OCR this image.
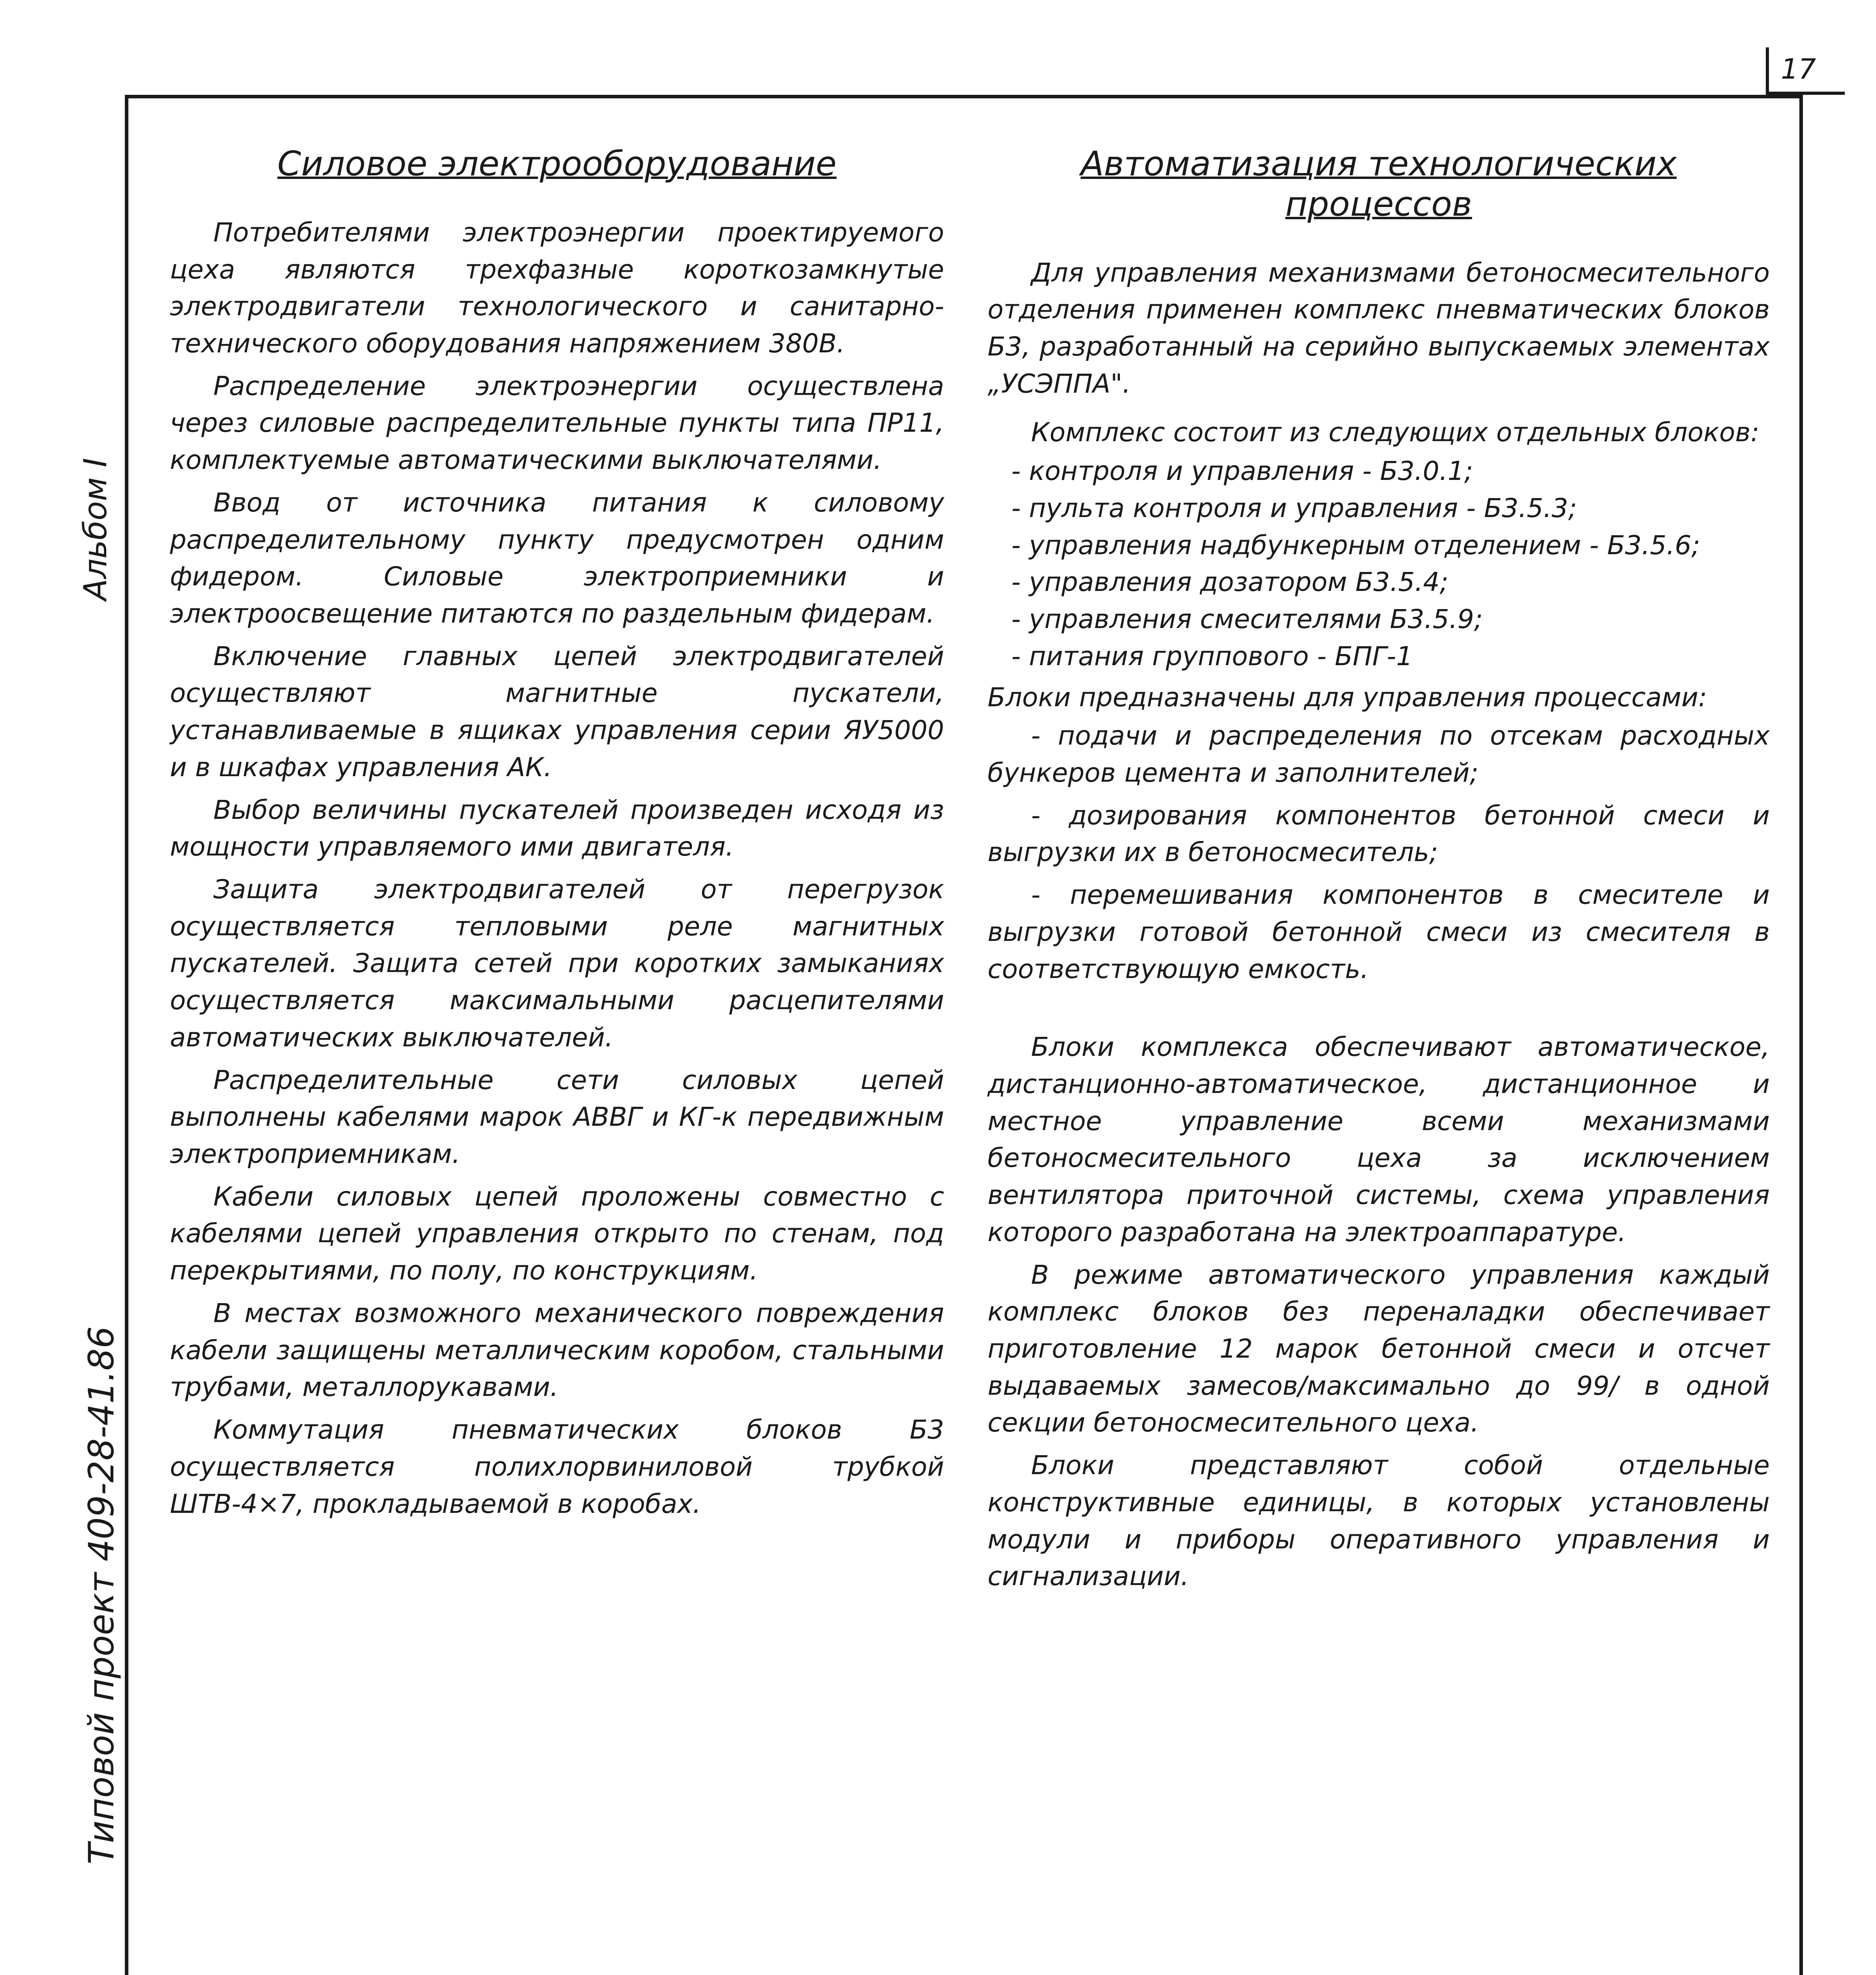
17
Альбом I
Типовой проект 409-28-41.86
Силовое электрооборудование

Потребителями электроэнергии проектируемого цеха являются трехфазные короткозамкнутые электродвигатели технологического и санитарно-технического оборудования напряжением 380В.

Распределение электроэнергии осуществлена через силовые распределительные пункты типа ПР11, комплектуемые автоматическими выключателями.

Ввод от источника питания к силовому распределительному пункту предусмотрен одним фидером. Силовые электроприемники и электроосвещение питаются по раздельным фидерам.

Включение главных цепей электродвигателей осуществляют магнитные пускатели, устанавливаемые в ящиках управления серии ЯУ5000 и в шкафах управления АК.

Выбор величины пускателей произведен исходя из мощности управляемого ими двигателя.

Защита электродвигателей от перегрузок осуществляется тепловыми реле магнитных пускателей. Защита сетей при коротких замыканиях осуществляется максимальными расцепителями автоматических выключателей.

Распределительные сети силовых цепей выполнены кабелями марок АВВГ и КГ-к передвижным электроприемникам.

Кабели силовых цепей проложены совместно с кабелями цепей управления открыто по стенам, под перекрытиями, по полу, по конструкциям.

В местах возможного механического повреждения кабели защищены металлическим коробом, стальными трубами, металлорукавами.

Коммутация пневматических блоков Б3 осуществляется полихлорвиниловой трубкой ШТВ-4×7, прокладываемой в коробах.

Автоматизация технологических
процессов

Для управления механизмами бетоносмесительного отделения применен комплекс пневматических блоков Б3, разработанный на серийно выпускаемых элементах „УСЭППА".

Комплекс состоит из следующих отдельных блоков:

- контроля и управления - Б3.0.1;
- пульта контроля и управления - Б3.5.3;
- управления надбункерным отделением - Б3.5.6;
- управления дозатором Б3.5.4;
- управления смесителями Б3.5.9;
- питания группового - БПГ-1

Блоки предназначены для управления процессами:

- подачи и распределения по отсекам расходных бункеров цемента и заполнителей;

- дозирования компонентов бетонной смеси и выгрузки их в бетоносмеситель;

- перемешивания компонентов в смесителе и выгрузки готовой бетонной смеси из смесителя в соответствующую емкость.

Блоки комплекса обеспечивают автоматическое, дистанционно-автоматическое, дистанционное и местное управление всеми механизмами бетоносмесительного цеха за исключением вентилятора приточной системы, схема управления которого разработана на электроаппаратуре.

В режиме автоматического управления каждый комплекс блоков без переналадки обеспечивает приготовление 12 марок бетонной смеси и отсчет выдаваемых замесов/максимально до 99/ в одной секции бетоносмесительного цеха.

Блоки представляют собой отдельные конструктивные единицы, в которых установлены модули и приборы оперативного управления и сигнализации.
